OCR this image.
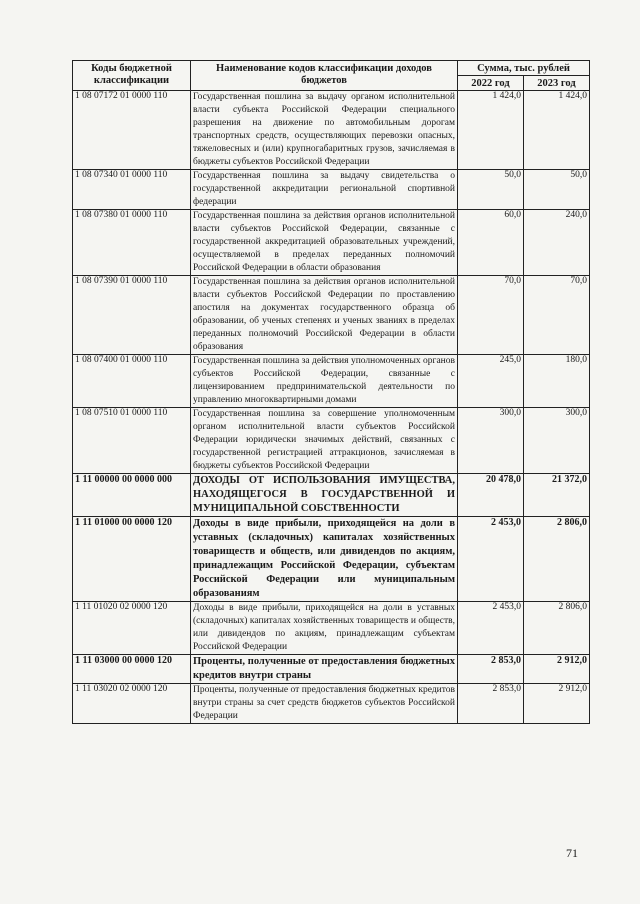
Коды бюджетной классификации	Наименование кодов классификации доходов бюджетов	Сумма, тыс. рублей	
		2022 год	2023 год
1 08 07172 01 0000 110	Государственная пошлина за выдачу органом исполнительной власти субъекта Российской Федерации специального разрешения на движение по автомобильным дорогам транспортных средств, осуществляющих перевозки опасных, тяжеловесных и (или) крупногабаритных грузов, зачисляемая в бюджеты субъектов Российской Федерации	1 424,0	1 424,0
1 08 07340 01 0000 110	Государственная пошлина за выдачу свидетельства о государственной аккредитации региональной спортивной федерации	50,0	50,0
1 08 07380 01 0000 110	Государственная пошлина за действия органов исполнительной власти субъектов Российской Федерации, связанные с государственной аккредитацией образовательных учреждений, осуществляемой в пределах переданных полномочий Российской Федерации в области образования	60,0	240,0
1 08 07390 01 0000 110	Государственная пошлина за действия органов исполнительной власти субъектов Российской Федерации по проставлению апостиля на документах государственного образца об образовании, об ученых степенях и ученых званиях в пределах переданных полномочий Российской Федерации в области образования	70,0	70,0
1 08 07400 01 0000 110	Государственная пошлина за действия уполномоченных органов субъектов Российской Федерации, связанные с лицензированием предпринимательской деятельности по управлению многоквартирными домами	245,0	180,0
1 08 07510 01 0000 110	Государственная пошлина за совершение уполномоченным органом исполнительной власти субъектов Российской Федерации юридически значимых действий, связанных с государственной регистрацией аттракционов, зачисляемая в бюджеты субъектов Российской Федерации	300,0	300,0
1 11 00000 00 0000 000	ДОХОДЫ ОТ ИСПОЛЬЗОВАНИЯ ИМУЩЕСТВА, НАХОДЯЩЕГОСЯ В ГОСУДАРСТВЕННОЙ И МУНИЦИПАЛЬНОЙ СОБСТВЕННОСТИ	20 478,0	21 372,0
1 11 01000 00 0000 120	Доходы в виде прибыли, приходящейся на доли в уставных (складочных) капиталах хозяйственных товариществ и обществ, или дивидендов по акциям, принадлежащим Российской Федерации, субъектам Российской Федерации или муниципальным образованиям	2 453,0	2 806,0
1 11 01020 02 0000 120	Доходы в виде прибыли, приходящейся на доли в уставных (складочных) капиталах хозяйственных товариществ и обществ, или дивидендов по акциям, принадлежащим субъектам Российской Федерации	2 453,0	2 806,0
1 11 03000 00 0000 120	Проценты, полученные от предоставления бюджетных кредитов внутри страны	2 853,0	2 912,0
1 11 03020 02 0000 120	Проценты, полученные от предоставления бюджетных кредитов внутри страны за счет средств бюджетов субъектов Российской Федерации	2 853,0	2 912,0
71
